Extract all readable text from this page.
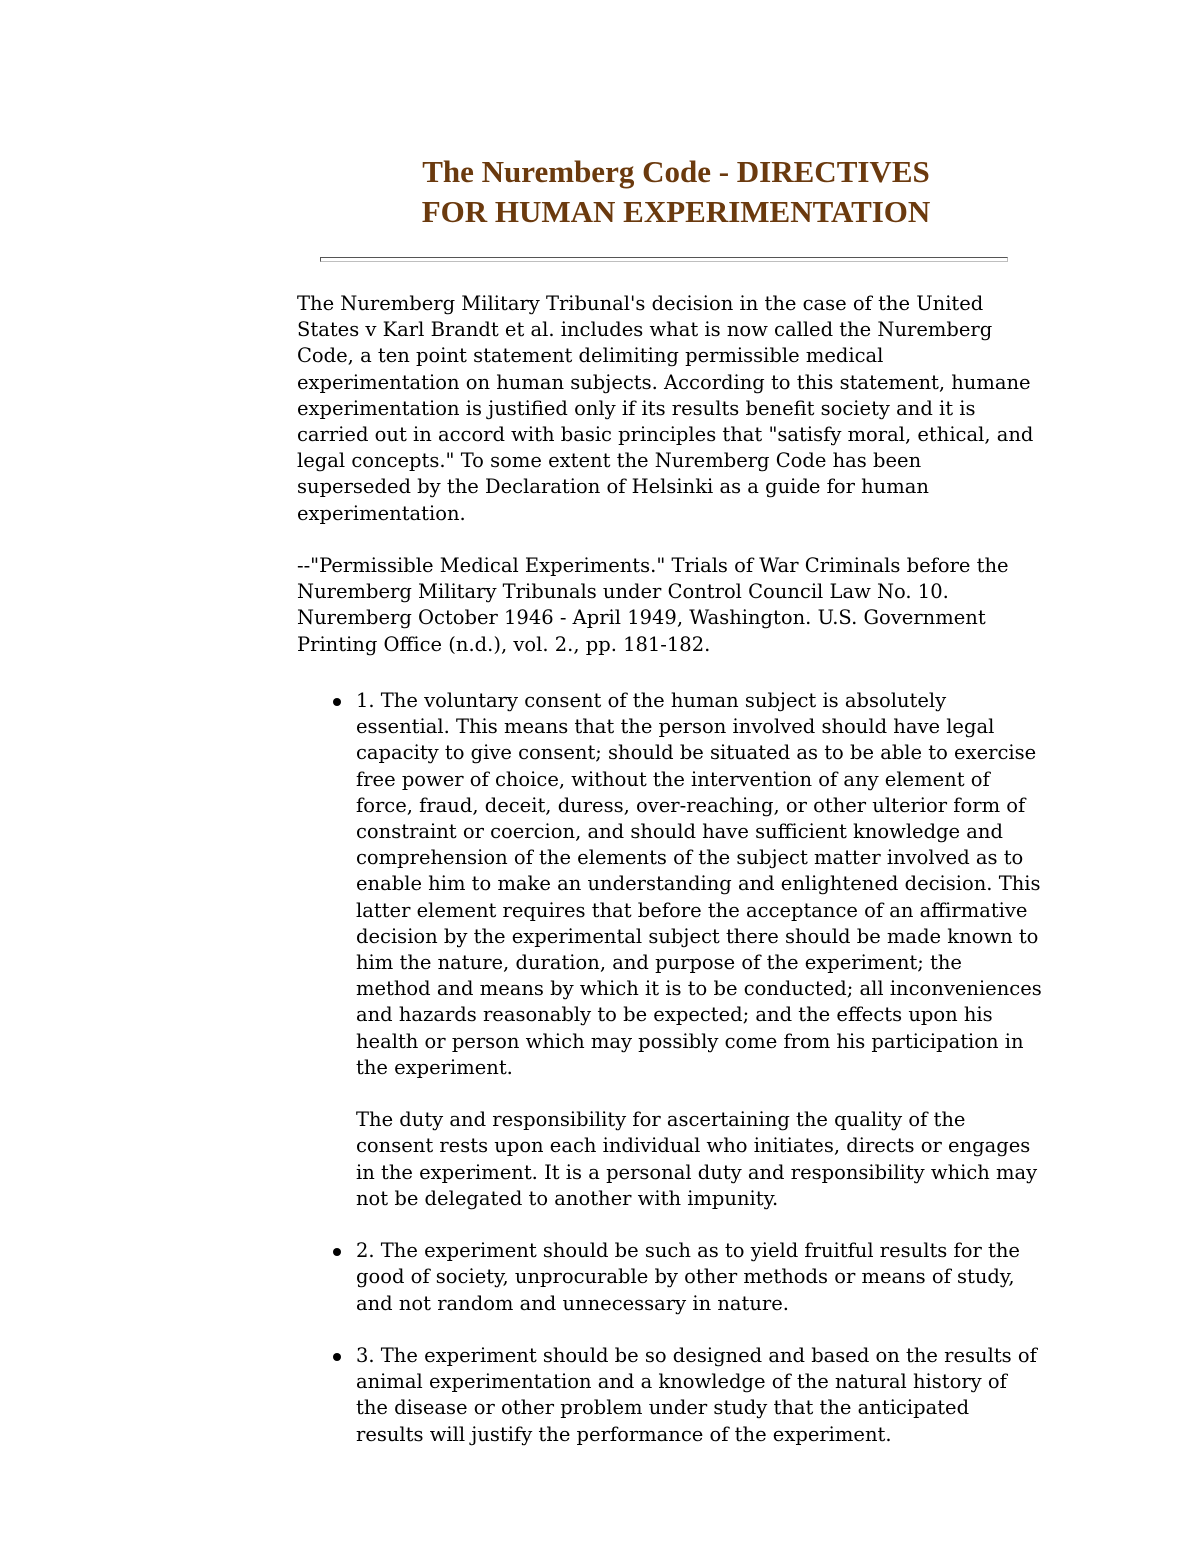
The Nuremberg Code - DIRECTIVES
FOR HUMAN EXPERIMENTATION

The Nuremberg Military Tribunal's decision in the case of the United States v Karl Brandt et al. includes what is now called the Nuremberg Code, a ten point statement delimiting permissible medical experimentation on human subjects. According to this statement, humane experimentation is justified only if its results benefit society and it is carried out in accord with basic principles that "satisfy moral, ethical, and legal concepts." To some extent the Nuremberg Code has been superseded by the Declaration of Helsinki as a guide for human experimentation.

--"Permissible Medical Experiments." Trials of War Criminals before the Nuremberg Military Tribunals under Control Council Law No. 10. Nuremberg October 1946 - April 1949, Washington. U.S. Government Printing Office (n.d.), vol. 2., pp. 181-182.

1. The voluntary consent of the human subject is absolutely essential. This means that the person involved should have legal capacity to give consent; should be situated as to be able to exercise free power of choice, without the intervention of any element of force, fraud, deceit, duress, over-reaching, or other ulterior form of constraint or coercion, and should have sufficient knowledge and comprehension of the elements of the subject matter involved as to enable him to make an understanding and enlightened decision. This latter element requires that before the acceptance of an affirmative decision by the experimental subject there should be made known to him the nature, duration, and purpose of the experiment; the method and means by which it is to be conducted; all inconveniences and hazards reasonably to be expected; and the effects upon his health or person which may possibly come from his participation in the experiment.

The duty and responsibility for ascertaining the quality of the consent rests upon each individual who initiates, directs or engages in the experiment. It is a personal duty and responsibility which may not be delegated to another with impunity.

2. The experiment should be such as to yield fruitful results for the good of society, unprocurable by other methods or means of study, and not random and unnecessary in nature.

3. The experiment should be so designed and based on the results of animal experimentation and a knowledge of the natural history of the disease or other problem under study that the anticipated results will justify the performance of the experiment.
